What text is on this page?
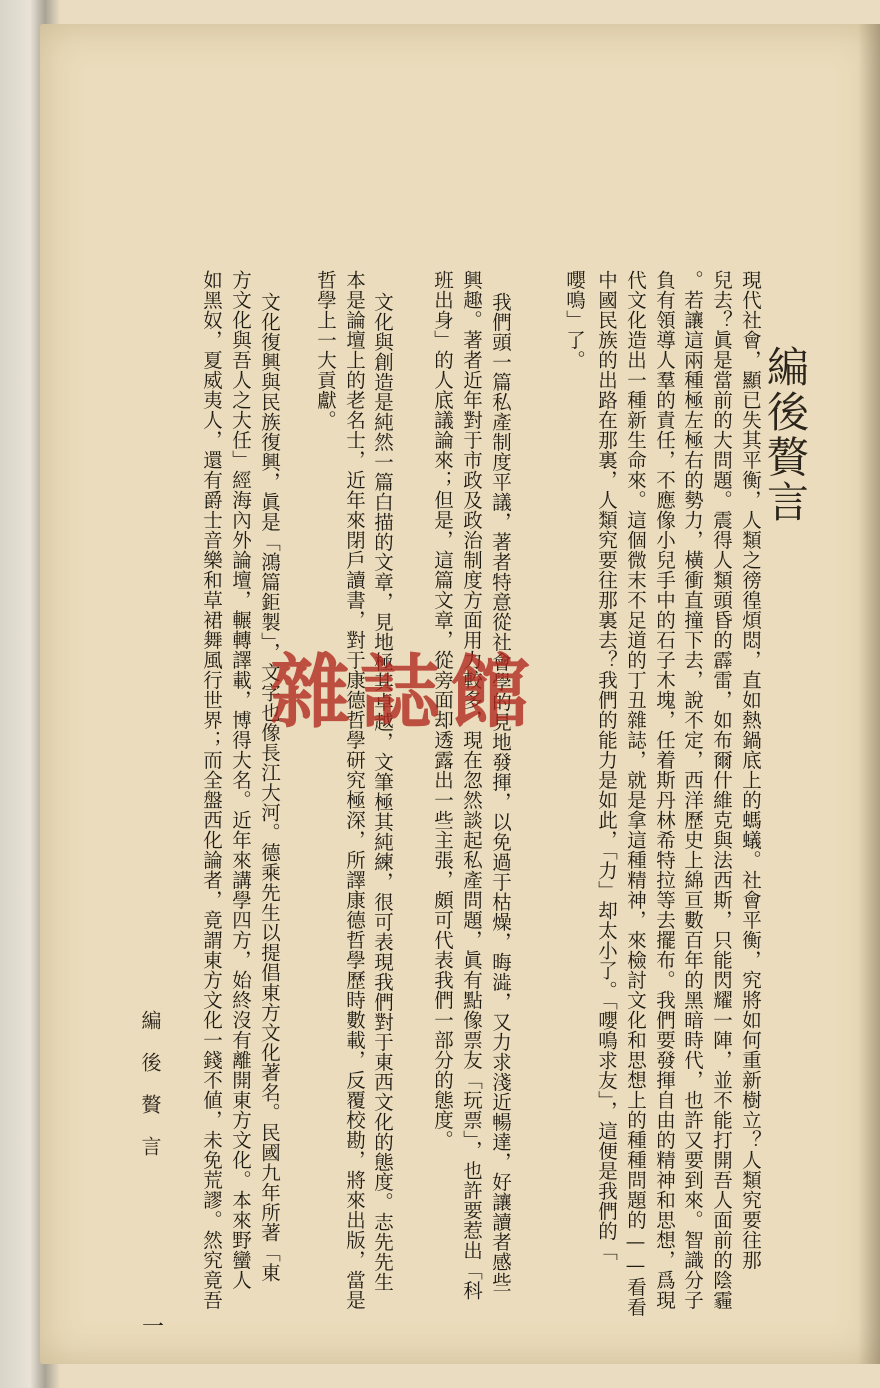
編後贅言
現代社會，顯已失其平衡，人類之徬徨煩悶，直如熱鍋底上的螞蟻。社會平衡，究將如何重新樹立？人類究要往那
兒去？眞是當前的大問題。震得人類頭昏的霹雷，如布爾什維克與法西斯，只能閃耀一陣，並不能打開吾人面前的陰霾
。若讓這兩種極左極右的勢力，橫衝直撞下去，說不定，西洋歷史上綿亘數百年的黑暗時代，也許又要到來。智識分子
負有領導人羣的責任，不應像小兒手中的石子木塊，任着斯丹林希特拉等去擺布。我們要發揮自由的精神和思想，爲現
代文化造出一種新生命來。這個微末不足道的丁丑雜誌，就是拿這種精神，來檢討文化和思想上的種種問題的——看看
中國民族的出路在那裏，人類究要往那裏去？我們的能力是如此，「力」却太小了。「嚶鳴求友」，這便是我們的「
嚶鳴」了。
我們頭一篇私產制度平議，著者特意從社會學的見地發揮，以免過于枯燥，晦澁，又力求淺近暢達，好讓讀者感些
興趣。著者近年對于市政及政治制度方面用力較多，現在忽然談起私產問題，眞有點像票友「玩票」，也許要惹出「科
班出身」的人底議論來；但是，這篇文章，從旁面却透露出一些主張，頗可代表我們一部分的態度。
文化與創造是純然一篇白描的文章，見地極其卓越，文筆極其純練，很可表現我們對于東西文化的態度。志先先生
本是論壇上的老名士，近年來閉戶讀書，對于康德哲學研究極深，所譯康德哲學歷時數載，反覆校勘，將來出版，當是
哲學上一大貢獻。
文化復興與民族復興，眞是「鴻篇鉅製」，文字也像長江大河。德乘先生以提倡東方文化著名。民國九年所著「東
方文化與吾人之大任」經海內外論壇，輾轉譯載，博得大名。近年來講學四方，始終沒有離開東方文化。本來野蠻人
如黑奴，夏威夷人，還有爵士音樂和草裙舞風行世界；而全盤西化論者，竟謂東方文化一錢不値，未免荒謬。然究竟吾
編後贅言
一
雜誌館
